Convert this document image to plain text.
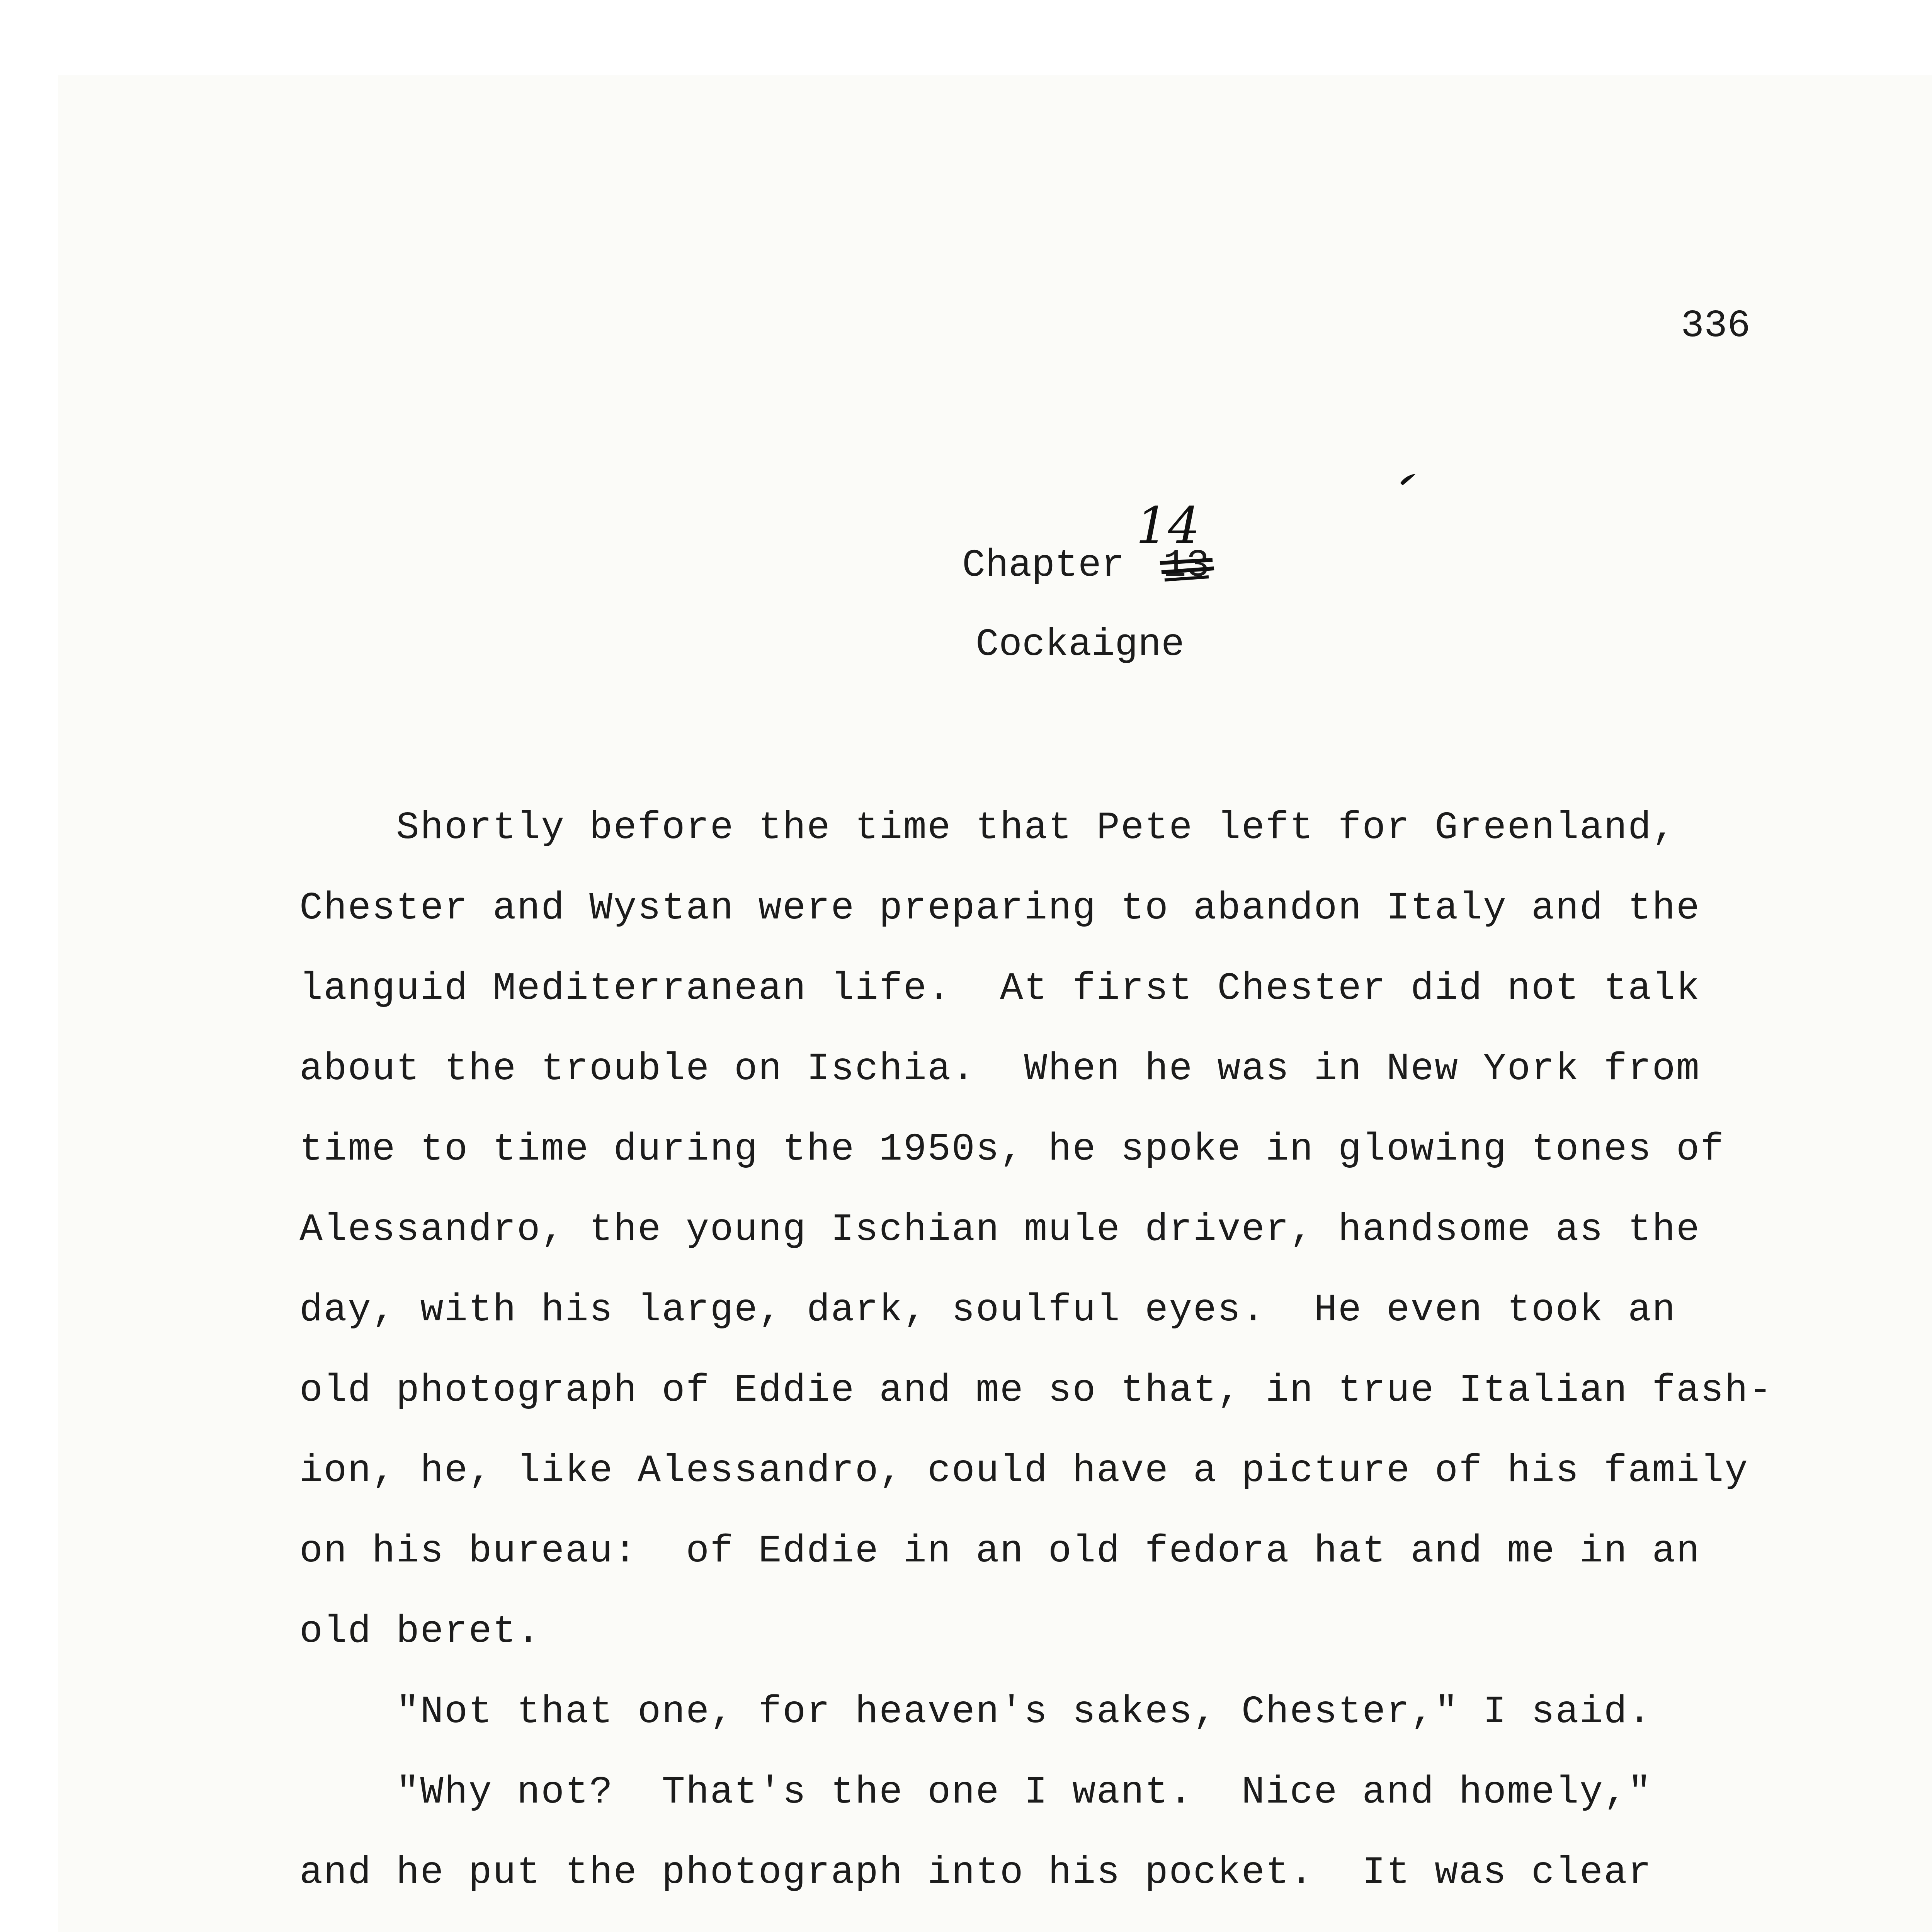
336
14
Chapter 13
Cockaigne
Shortly before the time that Pete left for Greenland,
Chester and Wystan were preparing to abandon Italy and the
languid Mediterranean life.  At first Chester did not talk
about the trouble on Ischia.  When he was in New York from
time to time during the 1950s, he spoke in glowing tones of
Alessandro, the young Ischian mule driver, handsome as the
day, with his large, dark, soulful eyes.  He even took an
old photograph of Eddie and me so that, in true Italian fash-
ion, he, like Alessandro, could have a picture of his family
on his bureau:  of Eddie in an old fedora hat and me in an
old beret.
"Not that one, for heaven's sakes, Chester," I said.
"Why not?  That's the one I want.  Nice and homely,"
and he put the photograph into his pocket.  It was clear
